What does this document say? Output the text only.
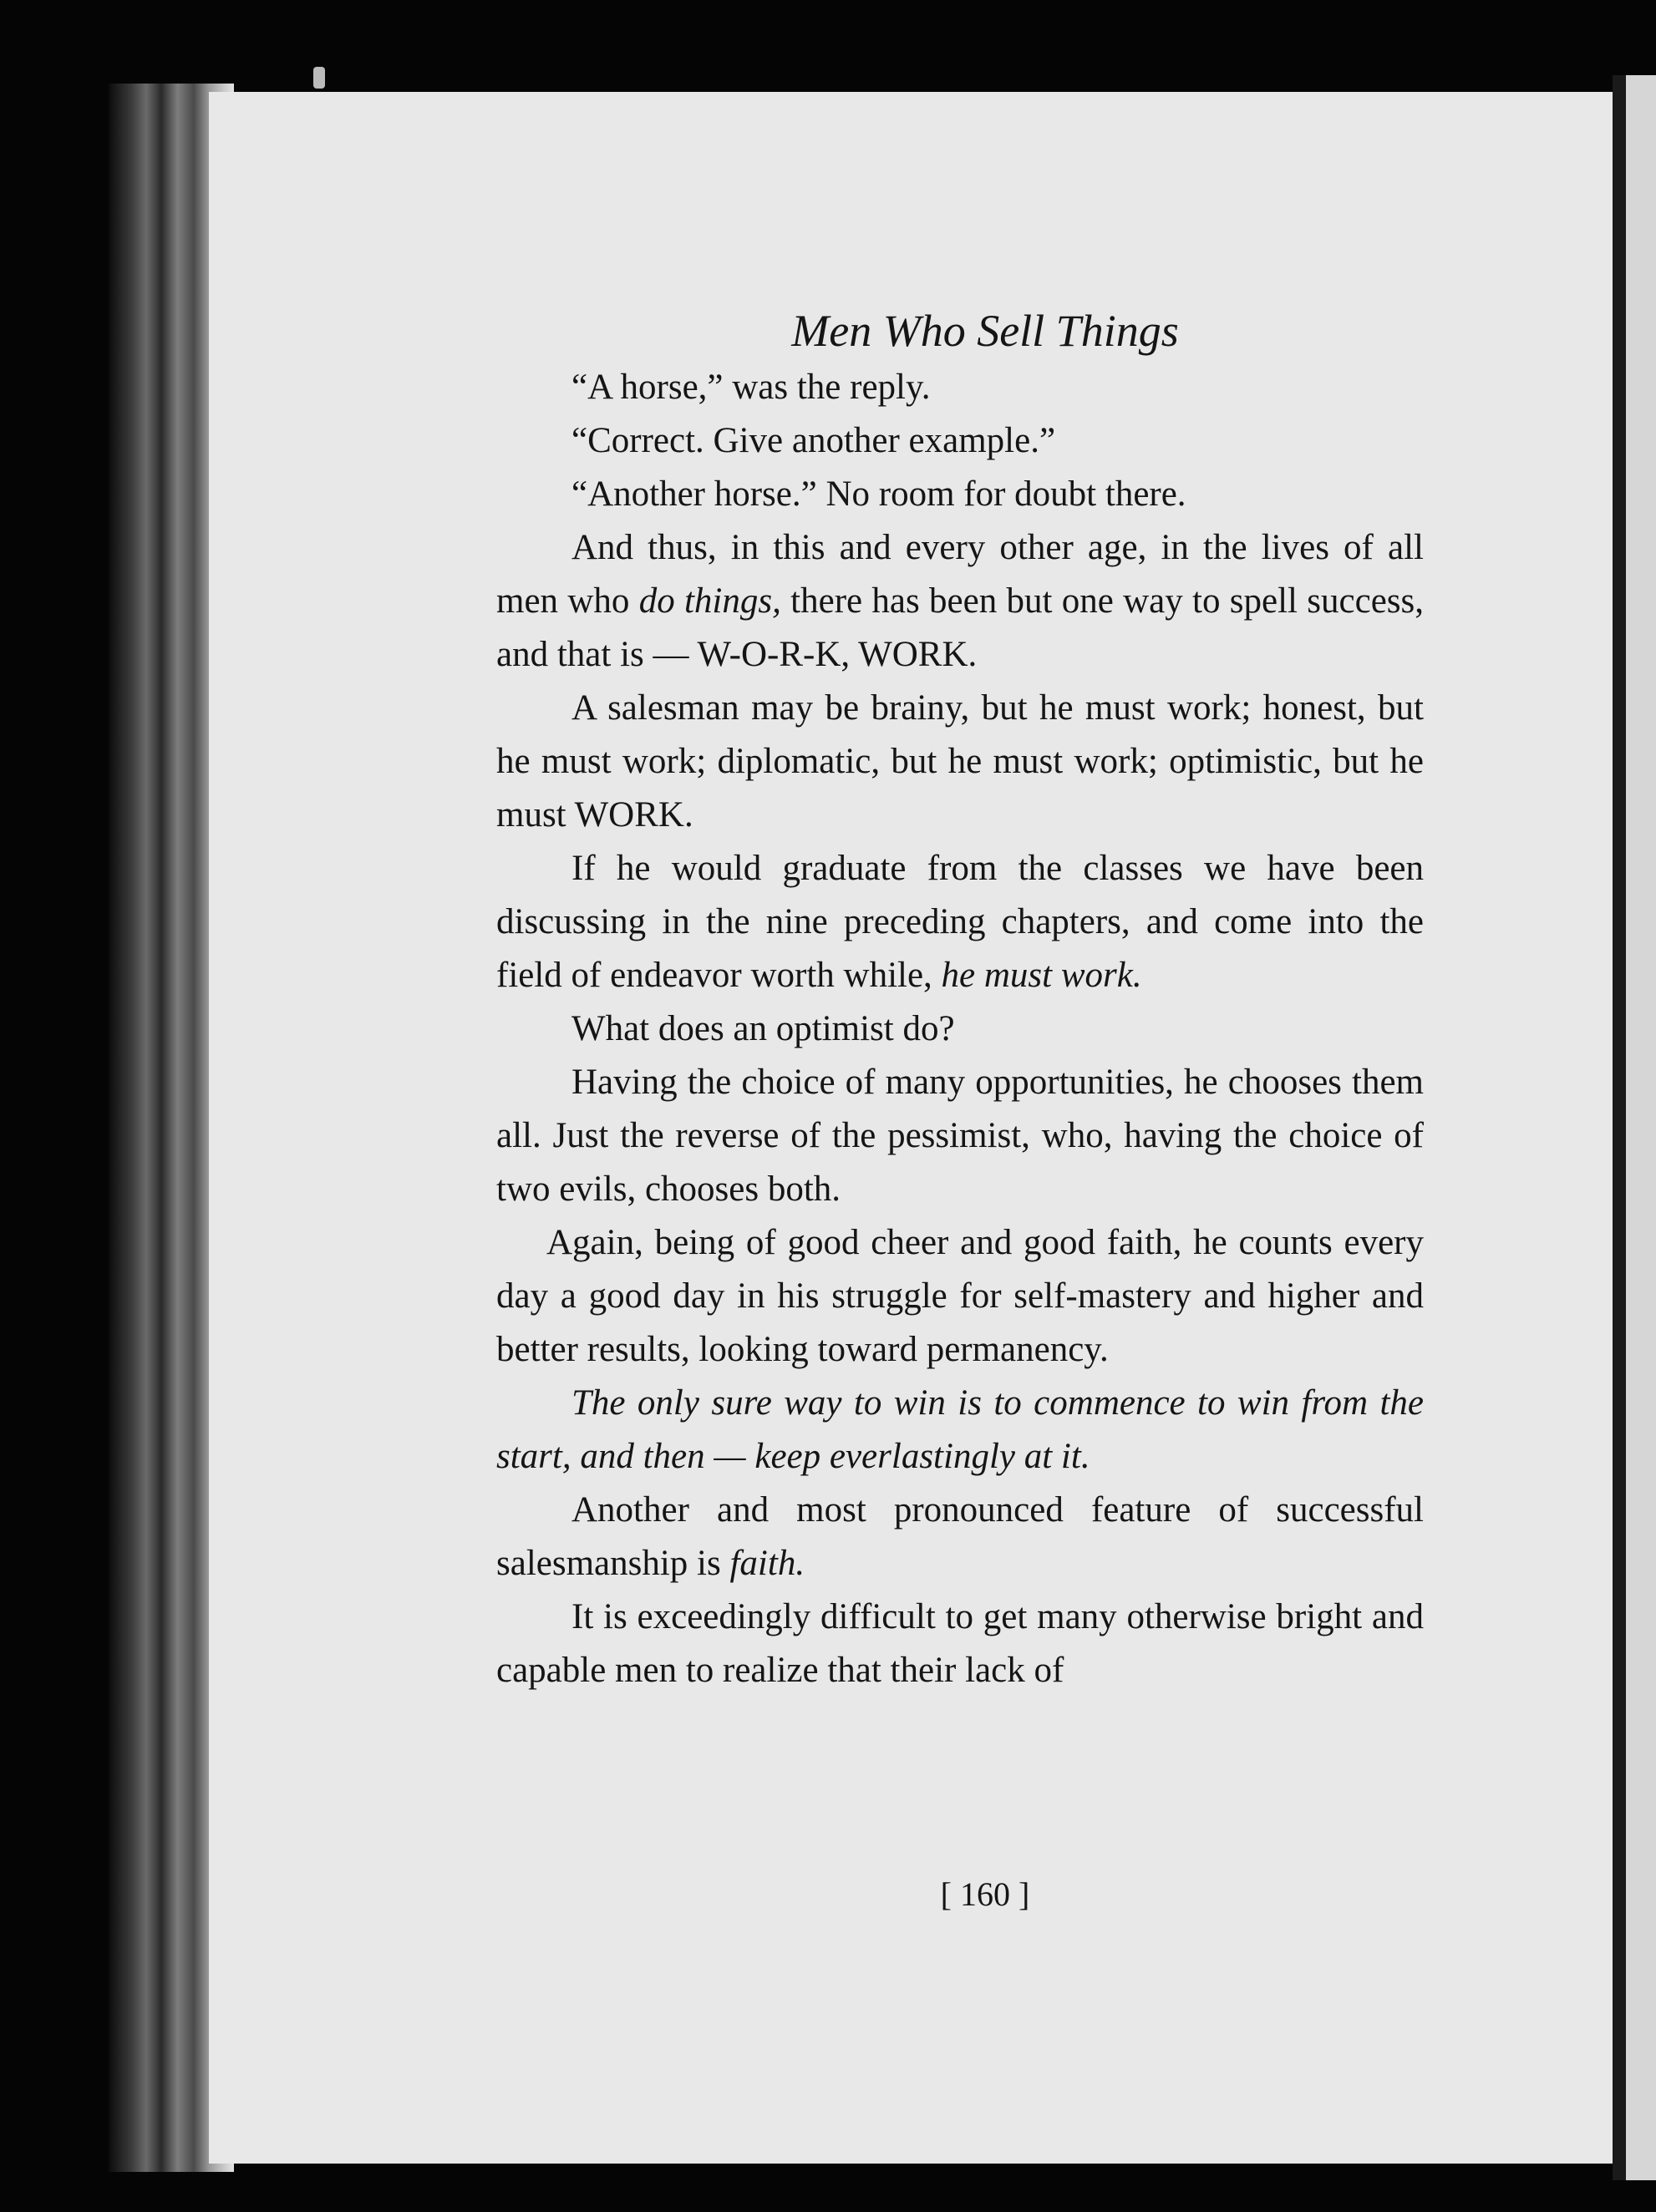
Men Who Sell Things

“A horse,” was the reply.

“Correct. Give another example.”

“Another horse.” No room for doubt there.

And thus, in this and every other age, in the lives of all men who do things, there has been but one way to spell success, and that is — W-O-R-K, WORK.

A salesman may be brainy, but he must work; honest, but he must work; diplomatic, but he must work; optimistic, but he must WORK.

If he would graduate from the classes we have been discussing in the nine preceding chapters, and come into the field of endeavor worth while, he must work.

What does an optimist do?

Having the choice of many opportunities, he chooses them all. Just the reverse of the pessimist, who, having the choice of two evils, chooses both.

Again, being of good cheer and good faith, he counts every day a good day in his struggle for self-mastery and higher and better results, looking toward permanency.

The only sure way to win is to commence to win from the start, and then — keep everlastingly at it.

Another and most pronounced feature of successful salesmanship is faith.

It is exceedingly difficult to get many otherwise bright and capable men to realize that their lack of

[ 160 ]
